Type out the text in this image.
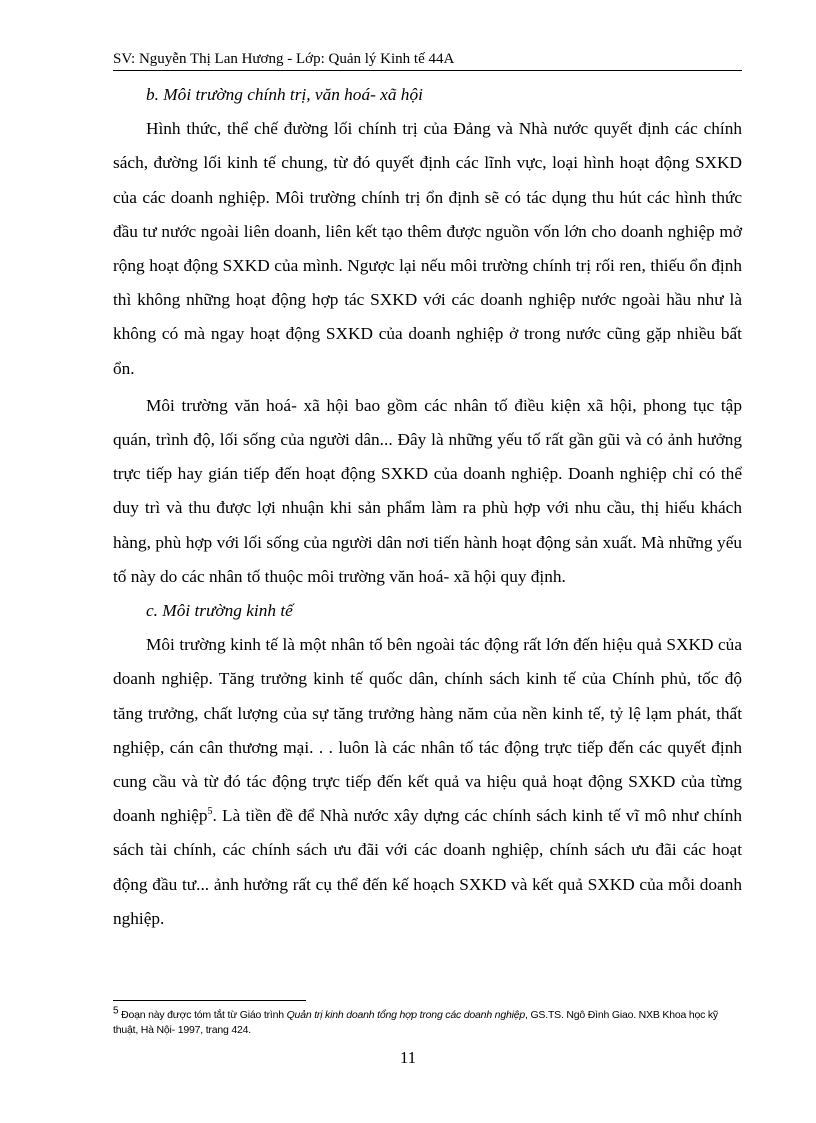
SV: Nguyễn Thị Lan Hương - Lớp: Quản lý Kinh tế 44A

b. Môi trường chính trị, văn hoá- xã hội

Hình thức, thể chế đường lối chính trị của Đảng và Nhà nước quyết định các chính sách, đường lối kinh tế chung, từ đó quyết định các lĩnh vực, loại hình hoạt động SXKD của các doanh nghiệp. Môi trường chính trị ổn định sẽ có tác dụng thu hút các hình thức đầu tư nước ngoài liên doanh, liên kết tạo thêm được nguồn vốn lớn cho doanh nghiệp mở rộng hoạt động SXKD của mình. Ngược lại nếu môi trường chính trị rối ren, thiếu ổn định thì không những hoạt động hợp tác SXKD với các doanh nghiệp nước ngoài hầu như là không có mà ngay hoạt động SXKD của doanh nghiệp ở trong nước cũng gặp nhiều bất ổn.

Môi trường văn hoá- xã hội bao gồm các nhân tố điều kiện xã hội, phong tục tập quán, trình độ, lối sống của người dân... Đây là những yếu tố rất gần gũi và có ảnh hưởng trực tiếp hay gián tiếp đến hoạt động SXKD của doanh nghiệp. Doanh nghiệp chỉ có thể duy trì và thu được lợi nhuận khi sản phẩm làm ra phù hợp với nhu cầu, thị hiếu khách hàng, phù hợp với lối sống của người dân nơi tiến hành hoạt động sản xuất. Mà những yếu tố này do các nhân tố thuộc môi trường văn hoá- xã hội quy định.

c. Môi trường kinh tế

Môi trường kinh tế là một nhân tố bên ngoài tác động rất lớn đến hiệu quả SXKD của doanh nghiệp. Tăng trưởng kinh tế quốc dân, chính sách kinh tế của Chính phủ, tốc độ tăng trưởng, chất lượng của sự tăng trưởng hàng năm của nền kinh tế, tỷ lệ lạm phát, thất nghiệp, cán cân thương mại. . . luôn là các nhân tố tác động trực tiếp đến các quyết định cung cầu và từ đó tác động trực tiếp đến kết quả va hiệu quả hoạt động SXKD của từng doanh nghiệp$^5$. Là tiền đề để Nhà nước xây dựng các chính sách kinh tế vĩ mô như chính sách tài chính, các chính sách ưu đãi với các doanh nghiệp, chính sách ưu đãi các hoạt động đầu tư... ảnh hưởng rất cụ thể đến kế hoạch SXKD và kết quả SXKD của mỗi doanh nghiệp.

$^5$ Đoạn này được tóm tắt từ Giáo trình Quản trị kinh doanh tổng hợp trong các doanh nghiệp, GS.TS. Ngô Đình Giao. NXB Khoa học kỹ thuật, Hà Nội- 1997, trang 424.
11
